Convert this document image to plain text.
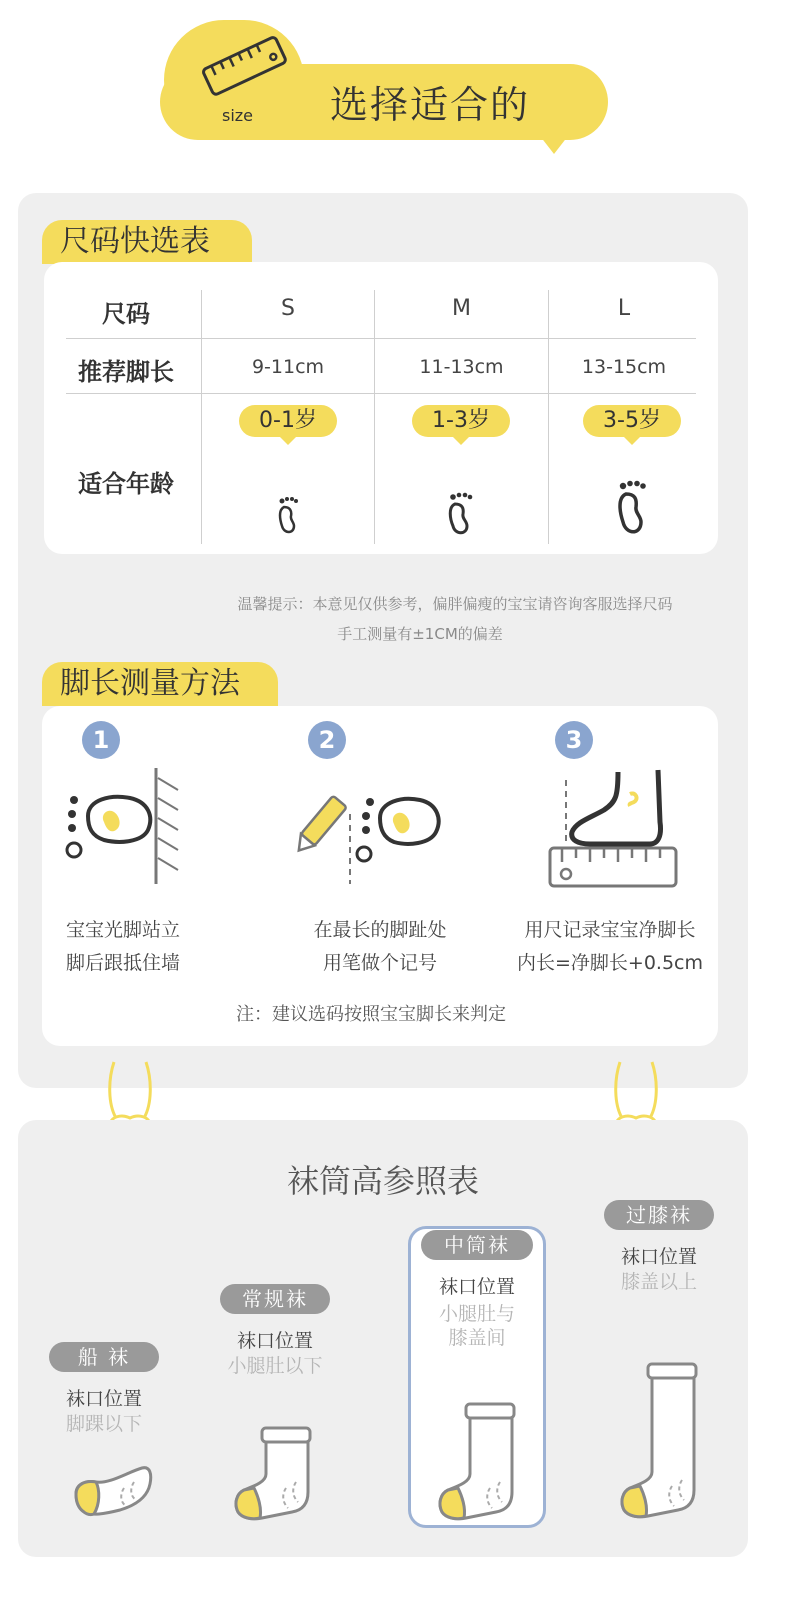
size 选择适合的
尺码快选表
尺码
推荐脚长
适合年龄
S
9-11cm
0-1岁
M
11-13cm
1-3岁
L
13-15cm
3-5岁
温馨提示：本意见仅供参考，偏胖偏瘦的宝宝请咨询客服选择尺码
手工测量有±1CM的偏差
脚长测量方法
1	2	3
宝宝光脚站立
脚后跟抵住墙
在最长的脚趾处
用笔做个记号
用尺记录宝宝净脚长
内长=净脚长+0.5cm
注：建议选码按照宝宝脚长来判定
袜筒高参照表
船 袜
常规袜
中筒袜
过膝袜
袜口位置
脚踝以下
袜口位置
小腿肚以下
袜口位置
小腿肚与
膝盖间
袜口位置
膝盖以上
